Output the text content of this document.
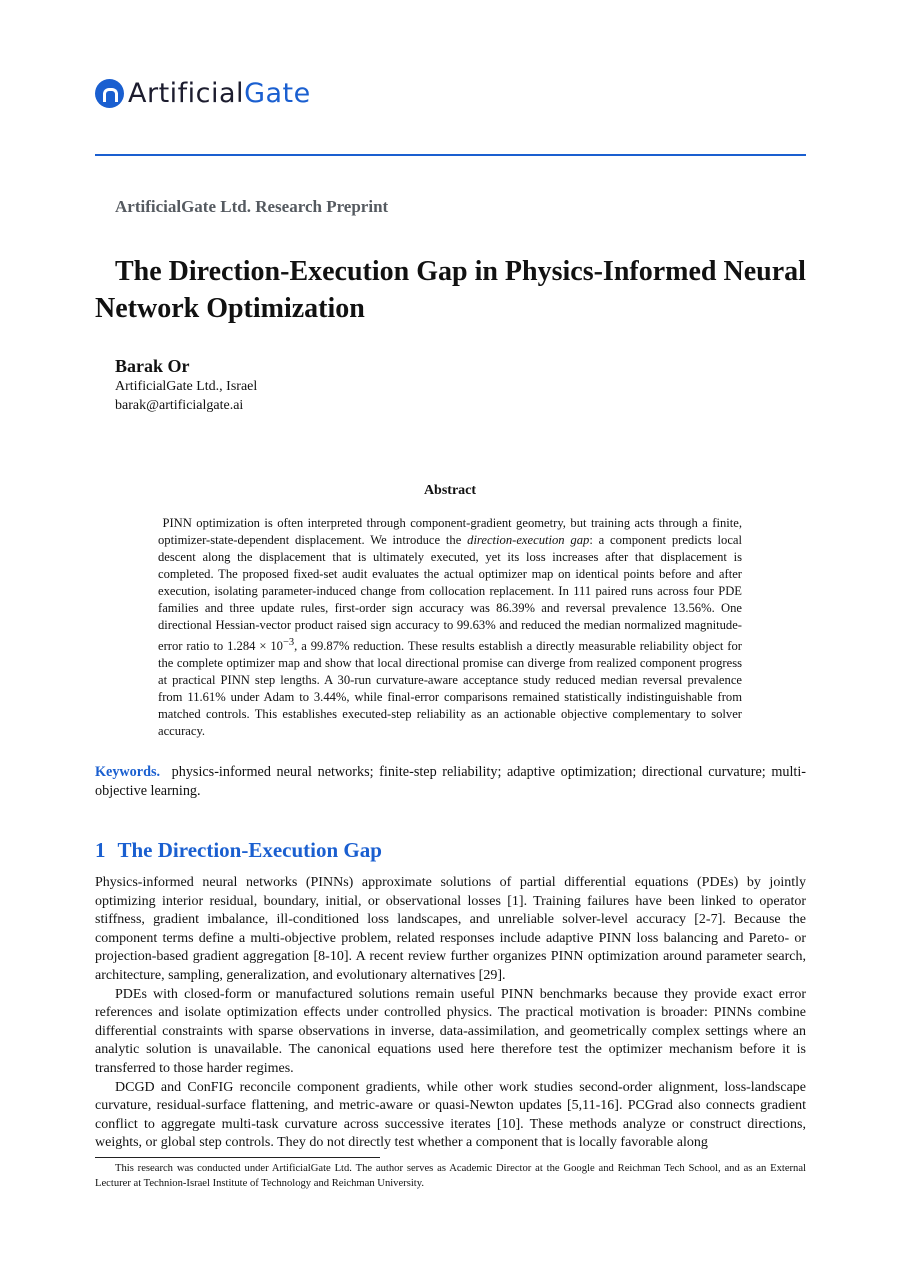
ArtificialGate
ArtificialGate Ltd. Research Preprint
The Direction-Execution Gap in Physics-Informed Neural Network Optimization
Barak Or
ArtificialGate Ltd., Israel
barak@artificialgate.ai
Abstract

PINN optimization is often interpreted through component-gradient geometry, but training acts through a finite, optimizer-state-dependent displacement. We introduce the direction-execution gap: a component predicts local descent along the displacement that is ultimately executed, yet its loss increases after that displacement is completed. The proposed fixed-set audit evaluates the actual optimizer map on identical points before and after execution, isolating parameter-induced change from collocation replacement. In 111 paired runs across four PDE families and three update rules, first-order sign accuracy was 86.39% and reversal prevalence 13.56%. One directional Hessian-vector product raised sign accuracy to 99.63% and reduced the median normalized magnitude-error ratio to $1.284 \times 10^{-3}$, a 99.87% reduction. These results establish a directly measurable reliability object for the complete optimizer map and show that local directional promise can diverge from realized component progress at practical PINN step lengths. A 30-run curvature-aware acceptance study reduced median reversal prevalence from 11.61% under Adam to 3.44%, while final-error comparisons remained statistically indistinguishable from matched controls. This establishes executed-step reliability as an actionable objective complementary to solver accuracy.

Keywords. physics-informed neural networks; finite-step reliability; adaptive optimization; directional curvature; multi-objective learning.

1 The Direction-Execution Gap

Physics-informed neural networks (PINNs) approximate solutions of partial differential equations (PDEs) by jointly optimizing interior residual, boundary, initial, or observational losses [1]. Training failures have been linked to operator stiffness, gradient imbalance, ill-conditioned loss landscapes, and unreliable solver-level accuracy [2-7]. Because the component terms define a multi-objective problem, related responses include adaptive PINN loss balancing and Pareto- or projection-based gradient aggregation [8-10]. A recent review further organizes PINN optimization around parameter search, architecture, sampling, generalization, and evolutionary alternatives [29].

PDEs with closed-form or manufactured solutions remain useful PINN benchmarks because they provide exact error references and isolate optimization effects under controlled physics. The practical motivation is broader: PINNs combine differential constraints with sparse observations in inverse, data-assimilation, and geometrically complex settings where an analytic solution is unavailable. The canonical equations used here therefore test the optimizer mechanism before it is transferred to those harder regimes.

DCGD and ConFIG reconcile component gradients, while other work studies second-order alignment, loss-landscape curvature, residual-surface flattening, and metric-aware or quasi-Newton updates [5,11-16]. PCGrad also connects gradient conflict to aggregate multi-task curvature across successive iterates [10]. These methods analyze or construct directions, weights, or global step controls. They do not directly test whether a component that is locally favorable along

This research was conducted under ArtificialGate Ltd. The author serves as Academic Director at the Google and Reichman Tech School, and as an External Lecturer at Technion-Israel Institute of Technology and Reichman University.
